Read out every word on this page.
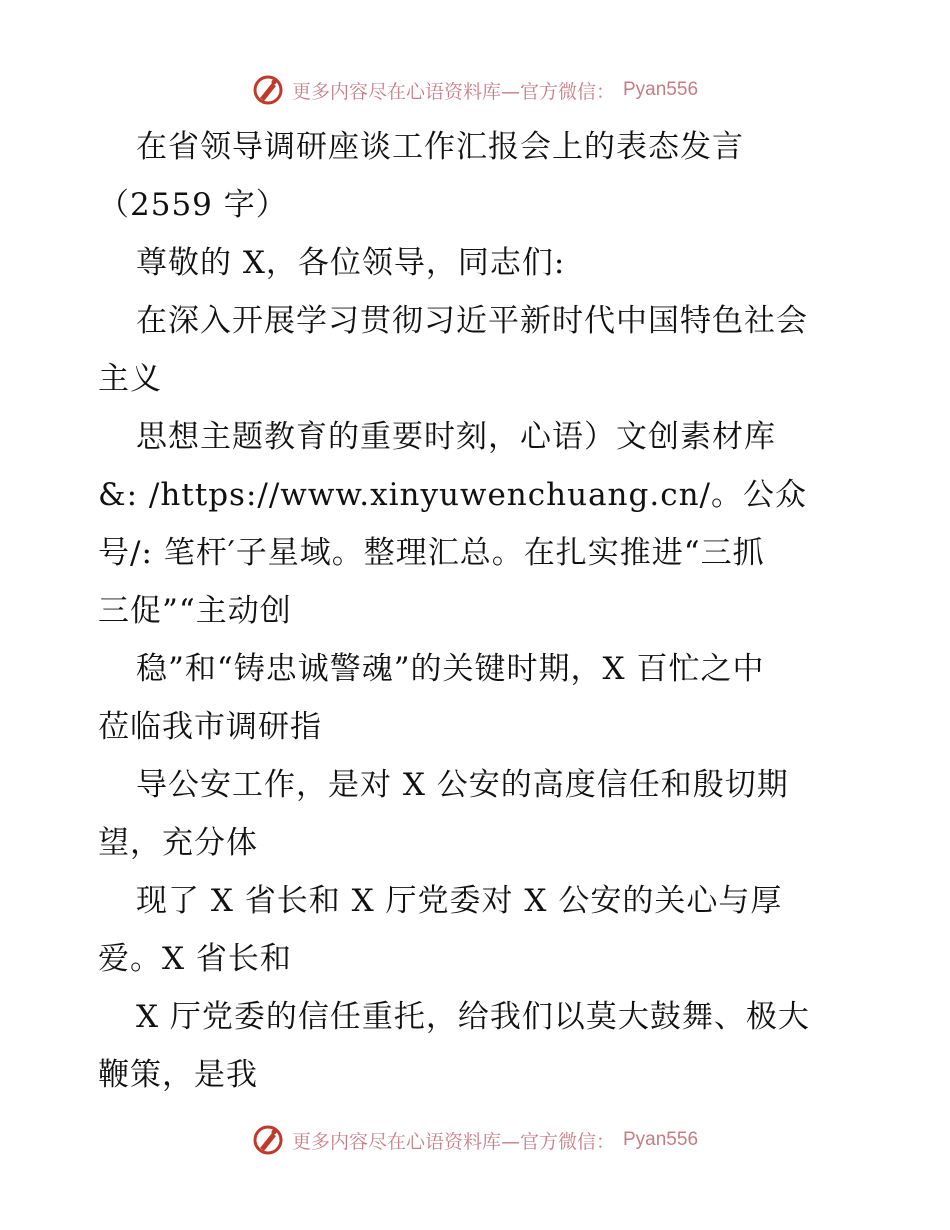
更多内容尽在心语资料库—官方微信： Pyan556
在省领导调研座谈工作汇报会上的表态发言
（2559 字）
尊敬的 X，各位领导，同志们:
在深入开展学习贯彻习近平新时代中国特色社会
主义
思想主题教育的重要时刻，心语）文创素材库
&: /https://www.xinyuwenchuang.cn/。公众
号/: 笔杆′子星域。整理汇总。在扎实推进“三抓
三促”“主动创
稳”和“铸忠诚警魂”的关键时期，X 百忙之中
莅临我市调研指
导公安工作，是对 X 公安的高度信任和殷切期
望，充分体
现了 X 省长和 X 厅党委对 X 公安的关心与厚
爱。X 省长和
X 厅党委的信任重托，给我们以莫大鼓舞、极大
鞭策，是我
更多内容尽在心语资料库—官方微信： Pyan556
